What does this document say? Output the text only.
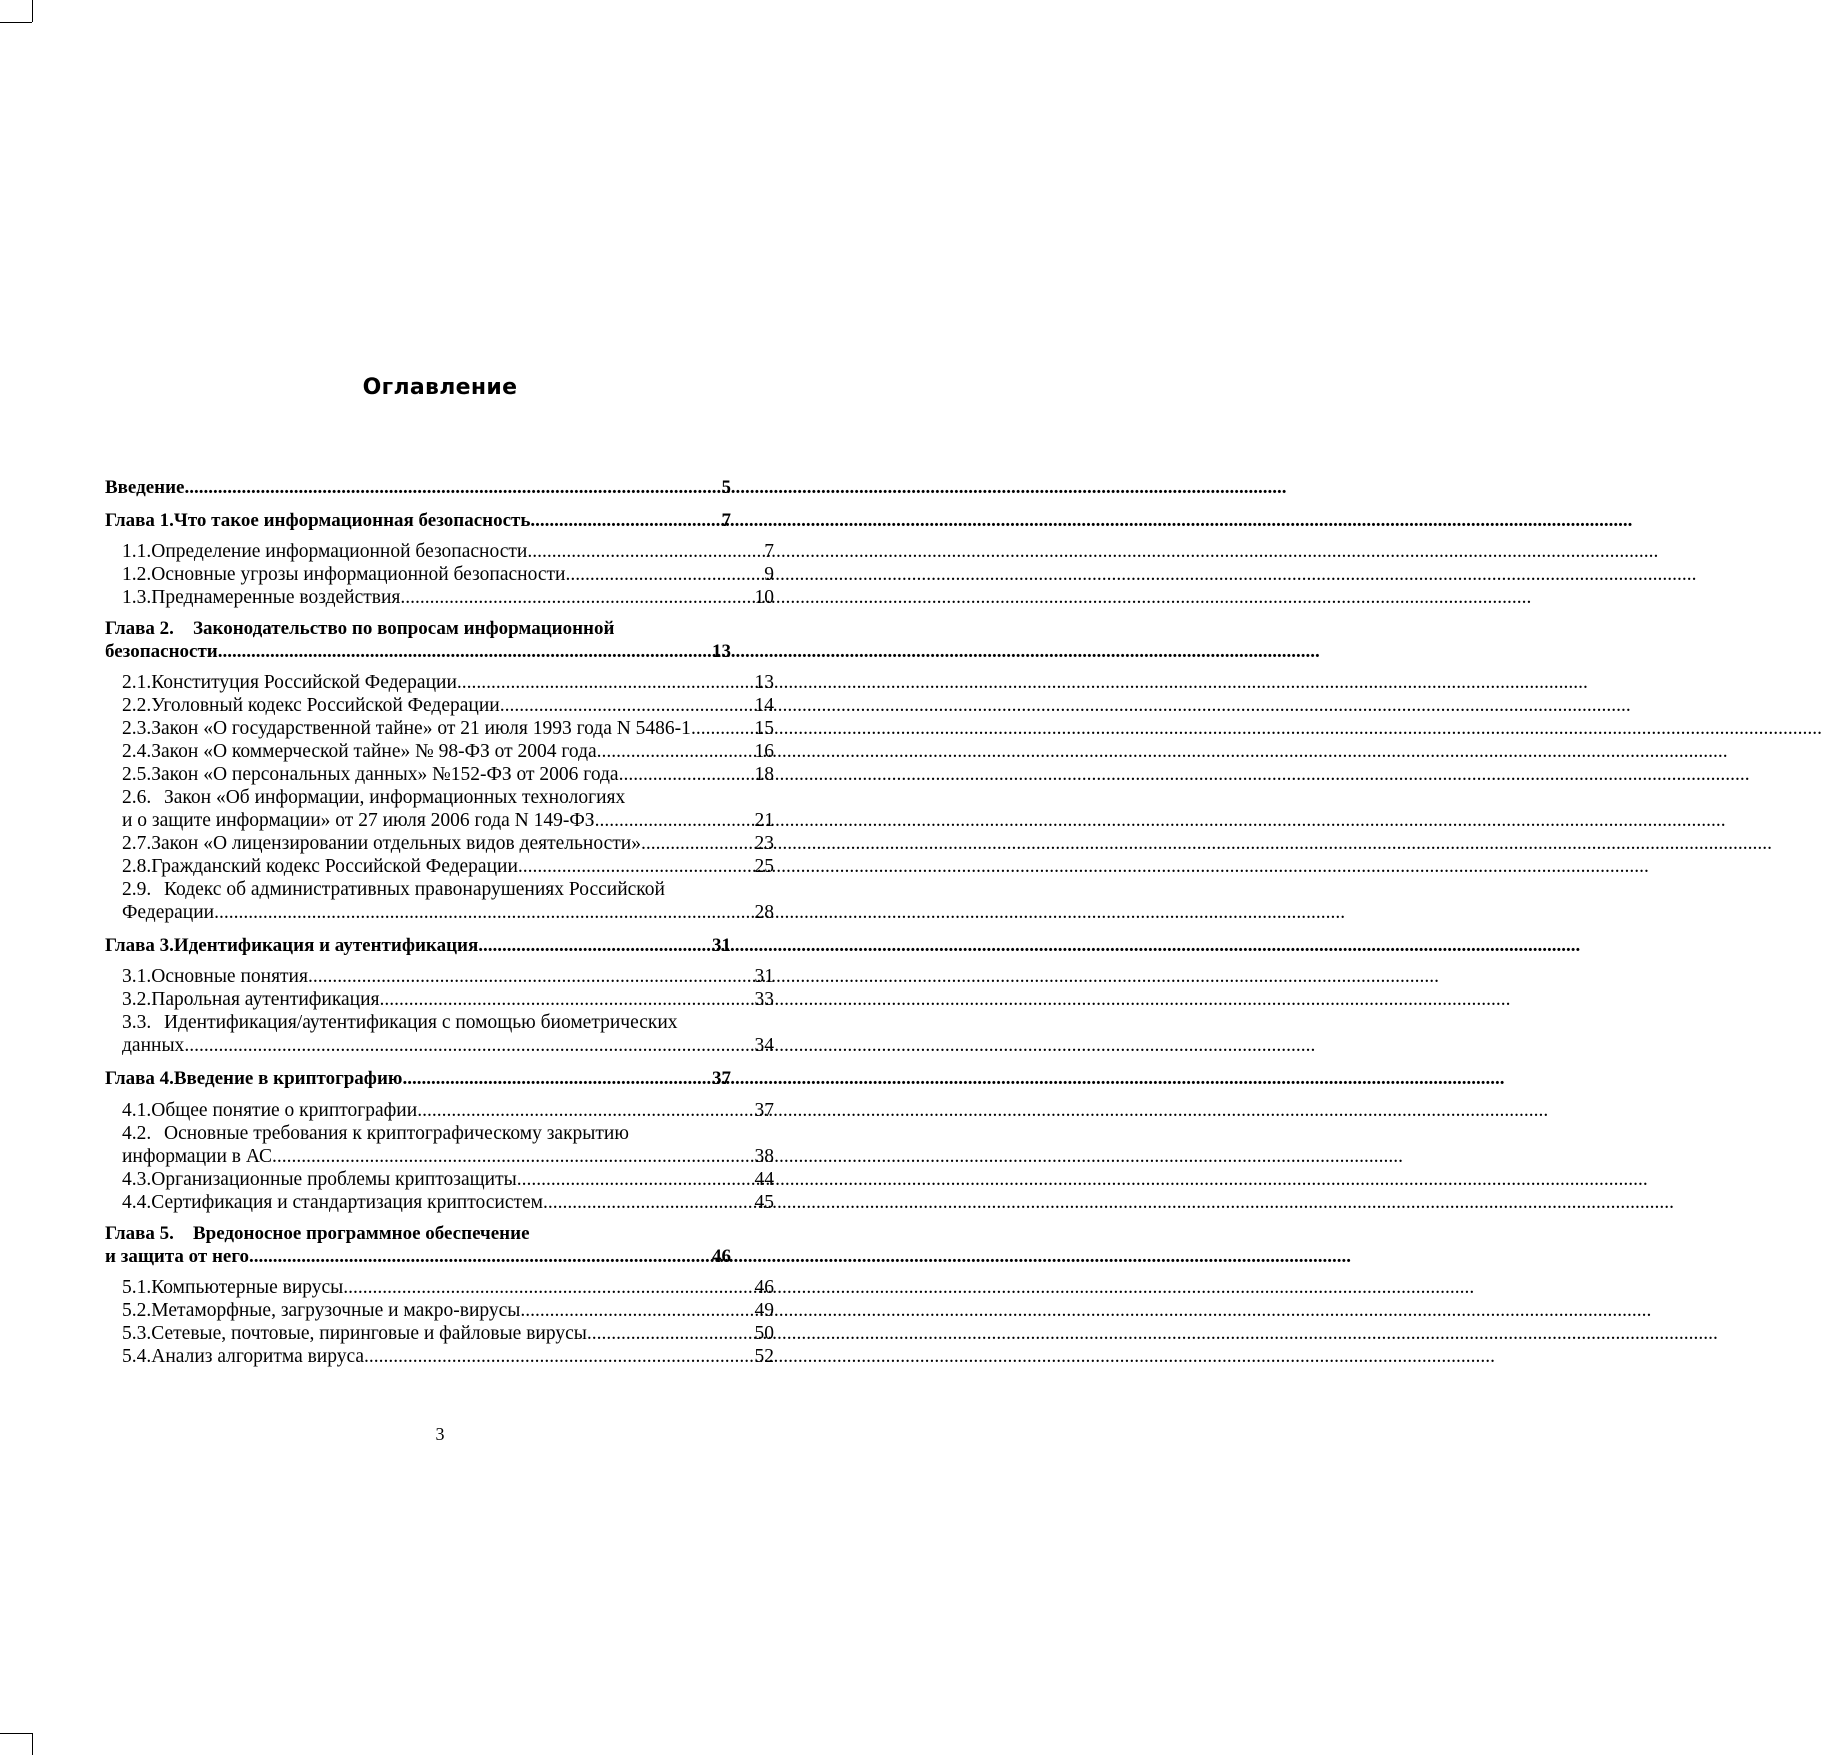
Оглавление
Введение .....	5
Глава 1. Что такое информационная безопасность .....	7
1.1. Определение информационной безопасности .....	7
1.2. Основные угрозы информационной безопасности .....	9
1.3. Преднамеренные воздействия .....	10
Глава 2. Законодательство по вопросам информационной
безопасности .....	13
2.1. Конституция Российской Федерации .....	13
2.2. Уголовный кодекс Российской Федерации .....	14
2.3. Закон «О государственной тайне» от 21 июля 1993 года N 5486-1 .....	15
2.4. Закон «О коммерческой тайне» № 98-ФЗ от 2004 года .....	16
2.5. Закон «О персональных данных» №152-ФЗ от 2006 года .....	18
2.6. Закон «Об информации, информационных технологиях
и о защите информации» от 27 июля 2006 года N 149-ФЗ .....	21
2.7. Закон «О лицензировании отдельных видов деятельности» .....	23
2.8. Гражданский кодекс Российской Федерации .....	25
2.9. Кодекс об административных правонарушениях Российской
Федерации .....	28
Глава 3. Идентификация и аутентификация .....	31
3.1. Основные понятия .....	31
3.2. Парольная аутентификация .....	33
3.3. Идентификация/аутентификация с помощью биометрических
данных .....	34
Глава 4. Введение в криптографию .....	37
4.1. Общее понятие о криптографии .....	37
4.2. Основные требования к криптографическому закрытию
информации в АС .....	38
4.3. Организационные проблемы криптозащиты .....	44
4.4. Сертификация и стандартизация криптосистем .....	45
Глава 5. Вредоносное программное обеспечение
и защита от него .....	46
5.1. Компьютерные вирусы .....	46
5.2. Метаморфные, загрузочные и макро-вирусы .....	49
5.3. Сетевые, почтовые, пиринговые и файловые вирусы .....	50
5.4. Анализ алгоритма вируса .....	52
3
